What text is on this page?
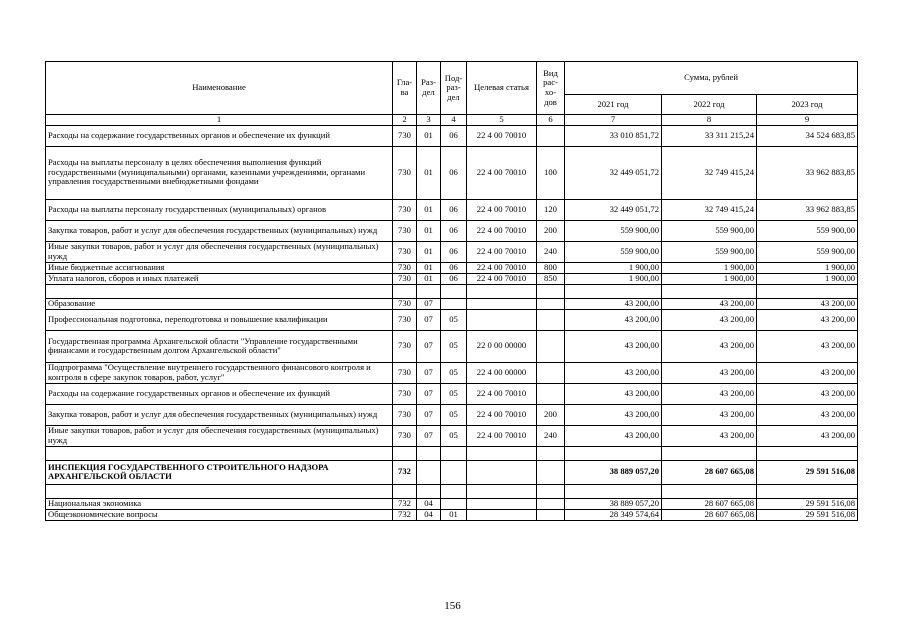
Наименование	Гла-ва	Раз-дел	Под-раз-дел	Целевая статья	Вид рас-хо-дов	Сумма, рублей		
						2021 год	2022 год	2023 год
1	2	3	4	5	6	7	8	9
Расходы на содержание государственных органов и обеспечение их функций	730	01	06	22 4 00 70010		33 010 851,72	33 311 215,24	34 524 683,85
Расходы на выплаты персоналу в целях обеспечения выполнения функций государственными (муниципальными) органами, казенными учреждениями, органами управления государственными внебюджетными фондами	730	01	06	22 4 00 70010	100	32 449 051,72	32 749 415,24	33 962 883,85
Расходы на выплаты персоналу государственных (муниципальных) органов	730	01	06	22 4 00 70010	120	32 449 051,72	32 749 415,24	33 962 883,85
Закупка товаров, работ и услуг для обеспечения государственных (муниципальных) нужд	730	01	06	22 4 00 70010	200	559 900,00	559 900,00	559 900,00
Иные закупки товаров, работ и услуг для обеспечения государственных (муниципальных) нужд	730	01	06	22 4 00 70010	240	559 900,00	559 900,00	559 900,00
Иные бюджетные ассигнования	730	01	06	22 4 00 70010	800	1 900,00	1 900,00	1 900,00
Уплата налогов, сборов и иных платежей	730	01	06	22 4 00 70010	850	1 900,00	1 900,00	1 900,00

Образование	730	07				43 200,00	43 200,00	43 200,00
Профессиональная подготовка, переподготовка и повышение квалификации	730	07	05			43 200,00	43 200,00	43 200,00
Государственная программа Архангельской области "Управление государственными финансами и государственным долгом Архангельской области"	730	07	05	22 0 00 00000		43 200,00	43 200,00	43 200,00
Подпрограмма "Осуществление внутреннего государственного финансового контроля и контроля в сфере закупок товаров, работ, услуг"	730	07	05	22 4 00 00000		43 200,00	43 200,00	43 200,00
Расходы на содержание государственных органов и обеспечение их функций	730	07	05	22 4 00 70010		43 200,00	43 200,00	43 200,00
Закупка товаров, работ и услуг для обеспечения государственных (муниципальных) нужд	730	07	05	22 4 00 70010	200	43 200,00	43 200,00	43 200,00
Иные закупки товаров, работ и услуг для обеспечения государственных (муниципальных) нужд	730	07	05	22 4 00 70010	240	43 200,00	43 200,00	43 200,00

ИНСПЕКЦИЯ ГОСУДАРСТВЕННОГО СТРОИТЕЛЬНОГО НАДЗОРА АРХАНГЕЛЬСКОЙ ОБЛАСТИ	732					38 889 057,20	28 607 665,08	29 591 516,08

Национальная экономика	732	04				38 889 057,20	28 607 665,08	29 591 516,08
Общеэкономические вопросы	732	04	01			28 349 574,64	28 607 665,08	29 591 516,08
156
